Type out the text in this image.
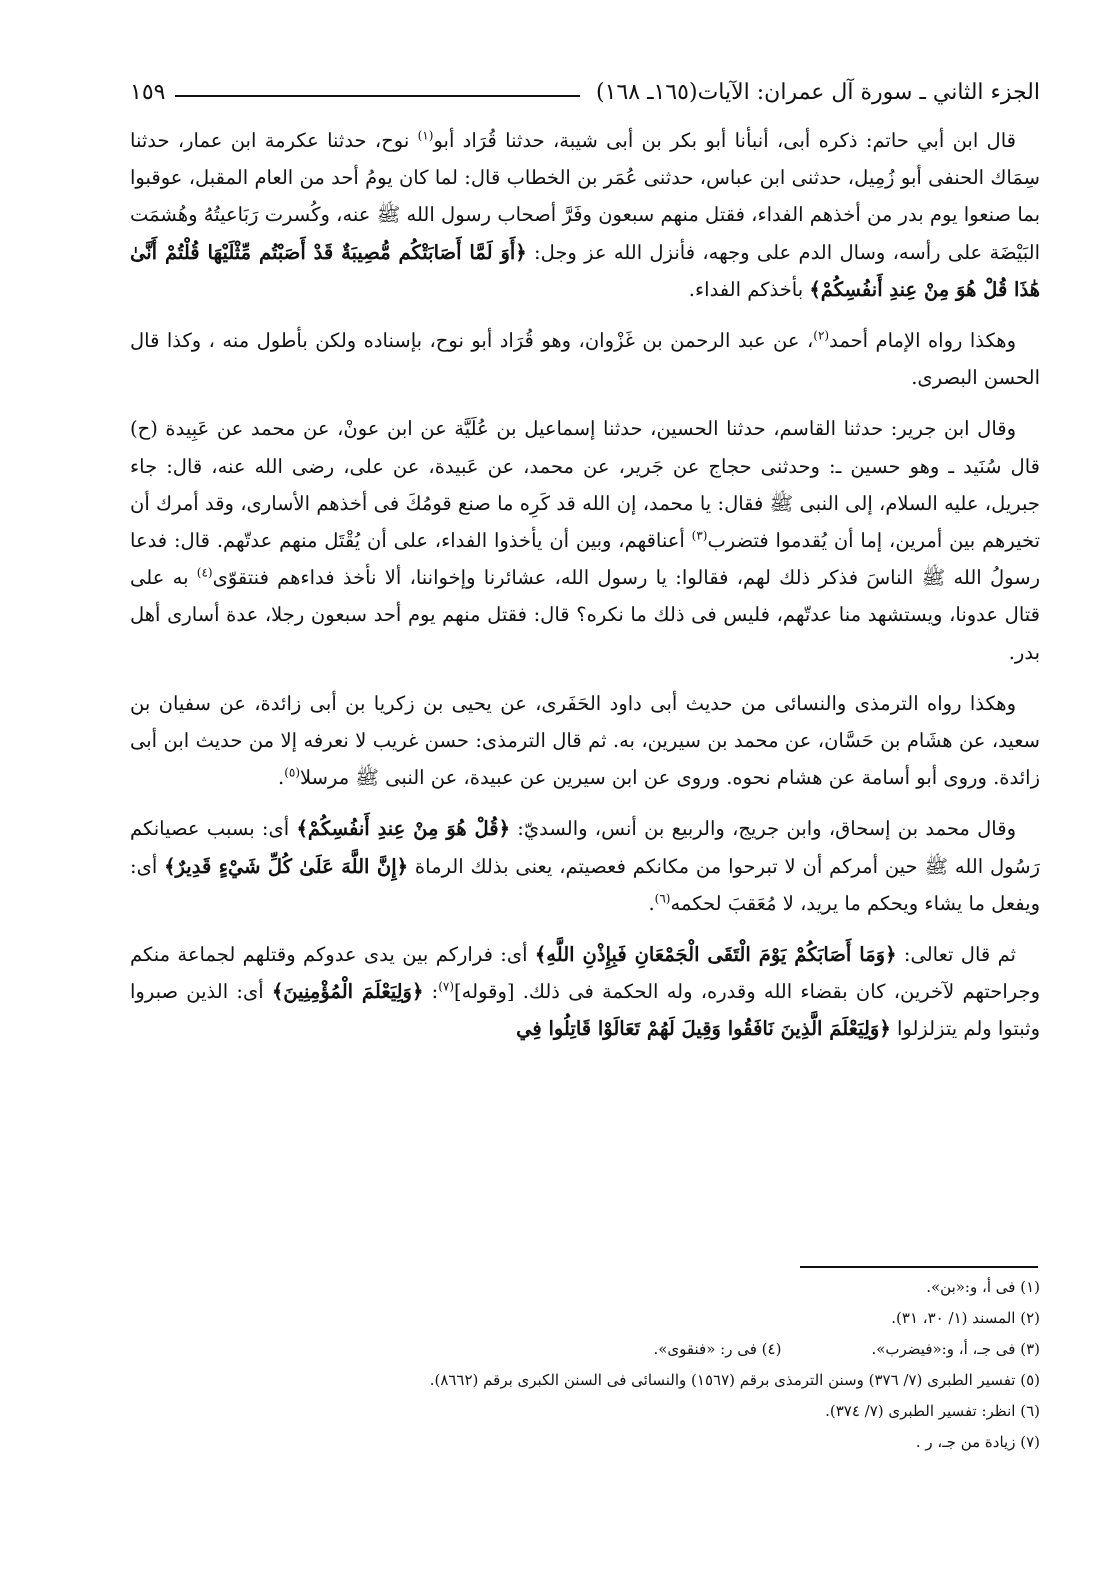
الجزء الثاني ـ سورة آل عمران: الآيات(١٦٥ـ ١٦٨)
١٥٩

قال ابن أبي حاتم: ذكره أبى، أنبأنا أبو بكر بن أبى شيبة، حدثنا قُرَاد أبو$^{(١)}$ نوح، حدثنا عكرمة ابن عمار، حدثنا سِمَاك الحنفى أبو زُمِيل، حدثنى ابن عباس، حدثنى عُمَر بن الخطاب قال: لما كان يومُ أحد من العام المقبل، عوقبوا بما صنعوا يوم بدر من أخذهم الفداء، فقتل منهم سبعون وفَرَّ أصحاب رسول الله ﷺ عنه، وكُسرت رَبَاعيتُهُ وهُشمَت البَيْضَة على رأسه، وسال الدم على وجهه، فأنزل الله عز وجل: ﴿أَوَ لَمَّا أَصَابَتْكُم مُّصِيبَةٌ قَدْ أَصَبْتُم مِّثْلَيْهَا قُلْتُمْ أَنَّىٰ هَٰذَا قُلْ هُوَ مِنْ عِندِ أَنفُسِكُمْ﴾ بأخذكم الفداء.

وهكذا رواه الإمام أحمد$^{(٢)}$، عن عبد الرحمن بن غَزْوان، وهو قُرَاد أبو نوح، بإسناده ولكن بأطول منه ، وكذا قال الحسن البصرى.

وقال ابن جرير: حدثنا القاسم، حدثنا الحسين، حدثنا إسماعيل بن عُلَيَّة عن ابن عونْ، عن محمد عن عَبِيدة (ح) قال سُنَيد ـ وهو حسين ـ: وحدثنى حجاج عن جَرير، عن محمد، عن عَبيدة، عن على، رضى الله عنه، قال: جاء جبريل، عليه السلام، إلى النبى ﷺ فقال: يا محمد، إن الله قد كَرِه ما صنع قومُكَ فى أخذهم الأسارى، وقد أمرك أن تخيرهم بين أمرين، إما أن يُقدموا فتضرب$^{(٣)}$ أعناقهم، وبين أن يأخذوا الفداء، على أن يُقْتَل منهم عدتّهم. قال: فدعا رسولُ الله ﷺ الناسَ فذكر ذلك لهم، فقالوا: يا رسول الله، عشائرنا وإخواننا، ألا نأخذ فداءهم فنتقوّى$^{(٤)}$ به على قتال عدونا، ويستشهد منا عدتّهم، فليس فى ذلك ما نكره؟ قال: فقتل منهم يوم أحد سبعون رجلا، عدة أسارى أهل بدر.

وهكذا رواه الترمذى والنسائى من حديث أبى داود الحَفَرى، عن يحيى بن زكريا بن أبى زائدة، عن سفيان بن سعيد، عن هشَام بن حَسَّان، عن محمد بن سيرين، به. ثم قال الترمذى: حسن غريب لا نعرفه إلا من حديث ابن أبى زائدة. وروى أبو أسامة عن هشام نحوه. وروى عن ابن سيرين عن عبيدة، عن النبى ﷺ مرسلا$^{(٥)}$.

وقال محمد بن إسحاق، وابن جريج، والربيع بن أنس، والسديّ: ﴿قُلْ هُوَ مِنْ عِندِ أَنفُسِكُمْ﴾ أى: بسبب عصيانكم رَسُول الله ﷺ حين أمركم أن لا تبرحوا من مكانكم فعصيتم، يعنى بذلك الرماة ﴿إِنَّ اللَّهَ عَلَىٰ كُلِّ شَيْءٍ قَدِيرٌ﴾ أى: ويفعل ما يشاء ويحكم ما يريد، لا مُعَقبَ لحكمه$^{(٦)}$.

ثم قال تعالى: ﴿وَمَا أَصَابَكُمْ يَوْمَ الْتَقَى الْجَمْعَانِ فَبِإِذْنِ اللَّهِ﴾ أى: فراركم بين يدى عدوكم وقتلهم لجماعة منكم وجراحتهم لآخرين، كان بقضاء الله وقدره، وله الحكمة فى ذلك. [وقوله]$^{(٧)}$: ﴿وَلِيَعْلَمَ الْمُؤْمِنِينَ﴾ أى: الذين صبروا وثبتوا ولم يتزلزلوا ﴿وَلِيَعْلَمَ الَّذِينَ نَافَقُوا وَقِيلَ لَهُمْ تَعَالَوْا قَاتِلُوا فِي

(١) فى أ، و:«بن».
(٢) المسند (١/ ٣٠، ٣١).
(٣) فى جـ، أ، و:«فيضرب».(٤) فى ر: «فنقوى».
(٥) تفسير الطبرى (٧/ ٣٧٦) وسنن الترمذى برقم (١٥٦٧) والنسائى فى السنن الكبرى برقم (٨٦٦٢).
(٦) انظر: تفسير الطبرى (٧/ ٣٧٤).
(٧) زيادة من جـ، ر .
